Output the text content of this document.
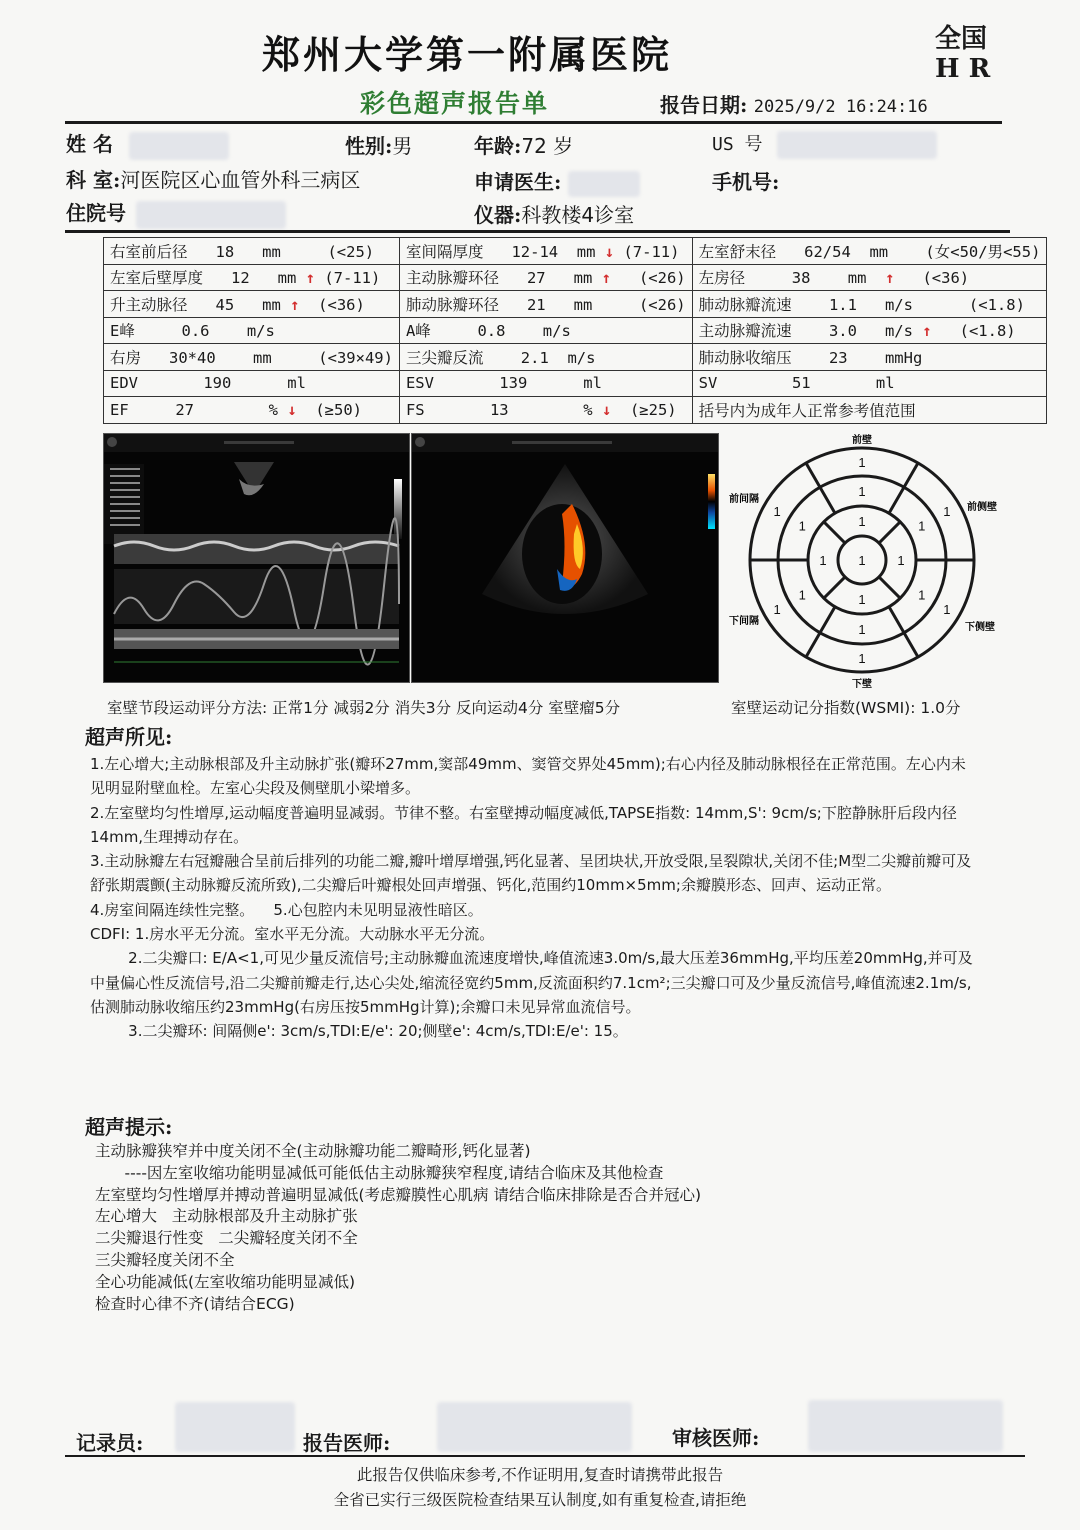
郑州大学第一附属医院	全国
H R
彩色超声报告单	报告日期: 2025/9/2 16:24:16
姓 名	性别:男	年龄:72 岁	US 号
科 室:河医院区心血管外科三病区	申请医生:	手机号:
住院号	仪器:科教楼4诊室
右室前后径   18   mm     (<25)	室间隔厚度   12-14  mm ↓ (7-11)	左室舒末径   62/54  mm    (女<50/男<55)
左室后壁厚度   12   mm ↑ (7-11)	主动脉瓣环径   27   mm ↑   (<26)	左房径     38    mm  ↑   (<36)
升主动脉径   45   mm ↑  (<36)	肺动脉瓣环径   21   mm     (<26)	肺动脉瓣流速    1.1   m/s      (<1.8)
E峰     0.6    m/s	A峰     0.8    m/s	主动脉瓣流速    3.0   m/s ↑   (<1.8)
右房   30*40    mm     (<39×49)	三尖瓣反流    2.1  m/s	肺动脉收缩压    23    mmHg
EDV       190      ml	ESV       139      ml	SV        51       ml
EF     27        % ↓  (≥50)	FS       13        % ↓  (≥25)	括号内为成年人正常参考值范围
1
1
1
1
1
1
1
1
1
1
1
1	1
1
1
1 1
前壁
下壁
前间隔
前侧壁
下间隔
下侧壁
室壁节段运动评分方法: 正常1分 减弱2分 消失3分 反向运动4分 室壁瘤5分	室壁运动记分指数(WSMI): 1.0分
超声所见:

1.左心增大;主动脉根部及升主动脉扩张(瓣环27mm,窦部49mm、窦管交界处45mm);右心内径及肺动脉根径在正常范围。左心内未见明显附壁血栓。左室心尖段及侧壁肌小梁增多。

2.左室壁均匀性增厚,运动幅度普遍明显减弱。节律不整。右室壁搏动幅度减低,TAPSE指数: 14mm,S': 9cm/s;下腔静脉肝后段内径14mm,生理搏动存在。

3.主动脉瓣左右冠瓣融合呈前后排列的功能二瓣,瓣叶增厚增强,钙化显著、呈团块状,开放受限,呈裂隙状,关闭不佳;M型二尖瓣前瓣可及舒张期震颤(主动脉瓣反流所致),二尖瓣后叶瓣根处回声增强、钙化,范围约10mm×5mm;余瓣膜形态、回声、运动正常。

4.房室间隔连续性完整。    5.心包腔内未见明显液性暗区。

CDFI: 1.房水平无分流。室水平无分流。大动脉水平无分流。

2.二尖瓣口: E/A<1,可见少量反流信号;主动脉瓣血流速度增快,峰值流速3.0m/s,最大压差36mmHg,平均压差20mmHg,并可及中量偏心性反流信号,沿二尖瓣前瓣走行,达心尖处,缩流径宽约5mm,反流面积约7.1cm²;三尖瓣口可及少量反流信号,峰值流速2.1m/s,估测肺动脉收缩压约23mmHg(右房压按5mmHg计算);余瓣口未见异常血流信号。

3.二尖瓣环: 间隔侧e': 3cm/s,TDI:E/e': 20;侧壁e': 4cm/s,TDI:E/e': 15。

超声提示:

主动脉瓣狭窄并中度关闭不全(主动脉瓣功能二瓣畸形,钙化显著)

----因左室收缩功能明显减低可能低估主动脉瓣狭窄程度,请结合临床及其他检查

左室壁均匀性增厚并搏动普遍明显减低(考虑瓣膜性心肌病 请结合临床排除是否合并冠心)

左心增大   主动脉根部及升主动脉扩张

二尖瓣退行性变   二尖瓣轻度关闭不全

三尖瓣轻度关闭不全

全心功能减低(左室收缩功能明显减低)

检查时心律不齐(请结合ECG)

记录员:	报告医师:	审核医师:
此报告仅供临床参考,不作证明用,复查时请携带此报告
全省已实行三级医院检查结果互认制度,如有重复检查,请拒绝
